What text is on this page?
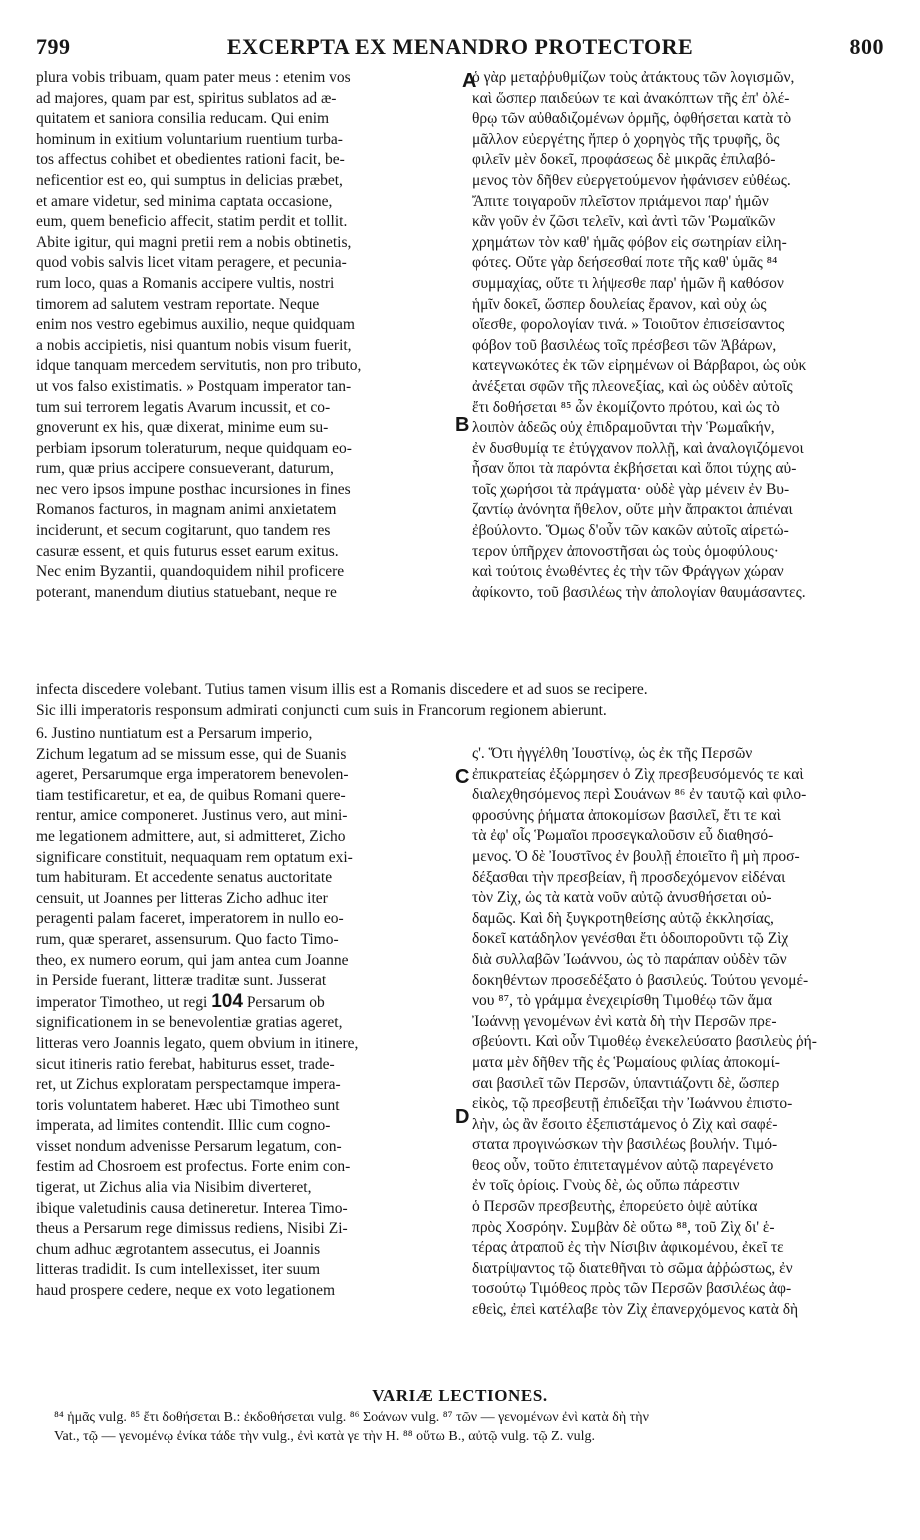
799	EXCERPTA EX MENANDRO PROTECTORE	800
plura vobis tribuam, quam pater meus : etenim vos
ad majores, quam par est, spiritus sublatos ad æ-
quitatem et saniora consilia reducam. Qui enim
hominum in exitium voluntarium ruentium turba-
tos affectus cohibet et obedientes rationi facit, be-
neficentior est eo, qui sumptus in delicias præbet,
et amare videtur, sed minima captata occasione,
eum, quem beneficio affecit, statim perdit et tollit.
Abite igitur, qui magni pretii rem a nobis obtinetis,
quod vobis salvis licet vitam peragere, et pecunia-
rum loco, quas a Romanis accipere vultis, nostri
timorem ad salutem vestram reportate. Neque
enim nos vestro egebimus auxilio, neque quidquam
a nobis accipietis, nisi quantum nobis visum fuerit,
idque tanquam mercedem servitutis, non pro tributo,
ut vos falso existimatis. » Postquam imperator tan-
tum sui terrorem legatis Avarum incussit, et co-
gnoverunt ex his, quæ dixerat, minime eum su-
perbiam ipsorum toleraturum, neque quidquam eo-
rum, quæ prius accipere consueverant, daturum,
nec vero ipsos impune posthac incursiones in fines
Romanos facturos, in magnam animi anxietatem
inciderunt, et secum cogitarunt, quo tandem res
casuræ essent, et quis futurus esset earum exitus.
Nec enim Byzantii, quandoquidem nihil proficere
poterant, manendum diutius statuebant, neque re
ὁ γὰρ μεταῤῥυθμίζων τοὺς ἀτάκτους τῶν λογισμῶν,
καὶ ὥσπερ παιδεύων τε καὶ ἀνακόπτων τῆς ἐπ' ὀλέ-
θρῳ τῶν αὐθαδιζομένων ὁρμῆς, ὀφθήσεται κατὰ τὸ
μᾶλλον εὐεργέτης ἤπερ ὁ χορηγὸς τῆς τρυφῆς, ὃς
φιλεῖν μὲν δοκεῖ, προφάσεως δὲ μικρᾶς ἐπιλαβό-
μενος τὸν δῆθεν εὐεργετούμενον ἠφάνισεν εὐθέως.
Ἄπιτε τοιγαροῦν πλεῖστον πριάμενοι παρ' ἡμῶν
κἂν γοῦν ἐν ζῶσι τελεῖν, καὶ ἀντὶ τῶν Ῥωμαϊκῶν
χρημάτων τὸν καθ' ἡμᾶς φόβον εἰς σωτηρίαν εἰλη-
φότες. Οὔτε γὰρ δεήσεσθαί ποτε τῆς καθ' ὑμᾶς ⁸⁴
συμμαχίας, οὔτε τι λήψεσθε παρ' ἡμῶν ἢ καθόσον
ἡμῖν δοκεῖ, ὥσπερ δουλείας ἔρανον, καὶ οὐχ ὡς
οἴεσθε, φορολογίαν τινά. » Τοιοῦτον ἐπισείσαντος
φόβον τοῦ βασιλέως τοῖς πρέσβεσι τῶν Ἀβάρων,
κατεγνωκότες ἐκ τῶν εἰρημένων οἱ Βάρβαροι, ὡς οὐκ
ἀνέξεται σφῶν τῆς πλεονεξίας, καὶ ὡς οὐδὲν αὐτοῖς
ἔτι δοθήσεται ⁸⁵ ὧν ἐκομίζοντο πρότου, καὶ ὡς τὸ
λοιπὸν ἀδεῶς οὐχ ἐπιδραμοῦνται τὴν Ῥωμαΐκήν,
ἐν δυσθυμίᾳ τε ἐτύγχανον πολλῇ, καὶ ἀναλογιζόμενοι
ἦσαν ὅποι τὰ παρόντα ἐκβήσεται καὶ ὅποι τύχης αὐ-
τοῖς χωρήσοι τὰ πράγματα· οὐδὲ γὰρ μένειν ἐν Βυ-
ζαντίῳ ἀνόνητα ἤθελον, οὔτε μὴν ἄπρακτοι ἀπιέναι
ἐβούλοντο. Ὅμως δ'οὖν τῶν κακῶν αὐτοῖς αἱρετώ-
τερον ὑπῆρχεν ἀπονοστῆσαι ὡς τοὺς ὁμοφύλους·
καὶ τούτοις ἑνωθέντες ἐς τὴν τῶν Φράγγων χώραν
ἀφίκοντο, τοῦ βασιλέως τὴν ἀπολογίαν θαυμάσαντες.
A
B
C
D
infecta discedere volebant. Tutius tamen visum illis est a Romanis discedere et ad suos se recipere.
Sic illi imperatoris responsum admirati conjuncti cum suis in Francorum regionem abierunt.
6. Justino nuntiatum est a Persarum imperio,
Zichum legatum ad se missum esse, qui de Suanis
ageret, Persarumque erga imperatorem benevolen-
tiam testificaretur, et ea, de quibus Romani quere-
rentur, amice componeret. Justinus vero, aut mini-
me legationem admittere, aut, si admitteret, Zicho
significare constituit, nequaquam rem optatum exi-
tum habituram. Et accedente senatus auctoritate
censuit, ut Joannes per litteras Zicho adhuc iter
peragenti palam faceret, imperatorem in nullo eo-
rum, quæ speraret, assensurum. Quo facto Timo-
theo, ex numero eorum, qui jam antea cum Joanne
in Perside fuerant, litteræ traditæ sunt. Jusserat
imperator Timotheo, ut regi 104 Persarum ob
significationem in se benevolentiæ gratias ageret,
litteras vero Joannis legato, quem obvium in itinere,
sicut itineris ratio ferebat, habiturus esset, trade-
ret, ut Zichus exploratam perspectamque impera-
toris voluntatem haberet. Hæc ubi Timotheo sunt
imperata, ad limites contendit. Illic cum cogno-
visset nondum advenisse Persarum legatum, con-
festim ad Chosroem est profectus. Forte enim con-
tigerat, ut Zichus alia via Nisibim diverteret,
ibique valetudinis causa detineretur. Interea Timo-
theus a Persarum rege dimissus rediens, Nisibi Zi-
chum adhuc ægrotantem assecutus, ei Joannis
litteras tradidit. Is cum intellexisset, iter suum
haud prospere cedere, neque ex voto legationem
ς'. Ὅτι ἠγγέλθη Ἰουστίνῳ, ὡς ἐκ τῆς Περσῶν
ἐπικρατείας ἐξώρμησεν ὁ Ζὶχ πρεσβευσόμενός τε καὶ
διαλεχθησόμενος περὶ Σουάνων ⁸⁶ ἐν ταυτῷ καὶ φιλο-
φροσύνης ῥήματα ἀποκομίσων βασιλεῖ, ἔτι τε καὶ
τὰ ἐφ' οἷς Ῥωμαῖοι προσεγκαλοῦσιν εὖ διαθησό-
μενος. Ὁ δὲ Ἰουστῖνος ἐν βουλῇ ἐποιεῖτο ἢ μὴ προσ-
δέξασθαι τὴν πρεσβείαν, ἢ προσδεχόμενον εἰδέναι
τὸν Ζὶχ, ὡς τὰ κατὰ νοῦν αὐτῷ ἀνυσθήσεται οὐ-
δαμῶς. Καὶ δὴ ξυγκροτηθείσης αὐτῷ ἐκκλησίας,
δοκεῖ κατάδηλον γενέσθαι ἔτι ὁδοιποροῦντι τῷ Ζὶχ
διὰ συλλαβῶν Ἰωάννου, ὡς τὸ παράπαν οὐδὲν τῶν
δοκηθέντων προσεδέξατο ὁ βασιλεύς. Τούτου γενομέ-
νου ⁸⁷, τὸ γράμμα ἐνεχειρίσθη Τιμοθέῳ τῶν ἅμα
Ἰωάννῃ γενομένων ἐνὶ κατὰ δὴ τὴν Περσῶν πρε-
σβεύοντι. Καὶ οὖν Τιμοθέῳ ἐνεκελεύσατο βασιλεὺς ῥή-
ματα μὲν δῆθεν τῆς ἐς Ῥωμαίους φιλίας ἀποκομί-
σαι βασιλεῖ τῶν Περσῶν, ὑπαντιάζοντι δὲ, ὥσπερ
εἰκὸς, τῷ πρεσβευτῇ ἐπιδεῖξαι τὴν Ἰωάννου ἐπιστο-
λὴν, ὡς ἂν ἔσοιτο ἐξεπιστάμενος ὁ Ζὶχ καὶ σαφέ-
στατα προγινώσκων τὴν βασιλέως βουλήν. Τιμό-
θεος οὖν, τοῦτο ἐπιτεταγμένον αὐτῷ παρεγένετο
ἐν τοῖς ὁρίοις. Γνοὺς δὲ, ὡς οὔπω πάρεστιν
ὁ Περσῶν πρεσβευτὴς, ἐπορεύετο ὀψὲ αὐτίκα
πρὸς Χοσρόην. Συμβὰν δὲ οὕτω ⁸⁸, τοῦ Ζὶχ δι' ἑ-
τέρας ἀτραποῦ ἐς τὴν Νίσιβιν ἀφικομένου, ἐκεῖ τε
διατρίψαντος τῷ διατεθῆναι τὸ σῶμα ἀῤῥώστως, ἐν
τοσούτῳ Τιμόθεος πρὸς τῶν Περσῶν βασιλέως ἀφ-
εθεὶς, ἐπεὶ κατέλαβε τὸν Ζὶχ ἐπανερχόμενος κατὰ δὴ
VARIÆ LECTIONES.
⁸⁴ ἡμᾶς vulg. ⁸⁵ ἔτι δοθήσεται B.: ἐκδοθήσεται vulg. ⁸⁶ Σοάνων vulg. ⁸⁷ τῶν — γενομένων ἐνὶ κατὰ δὴ τὴν
Vat., τῷ — γενομένῳ ἐνίκα τάδε τὴν vulg., ἐνὶ κατὰ γε τὴν H. ⁸⁸ οὕτω B., αὐτῷ vulg. τῷ Z. vulg.
